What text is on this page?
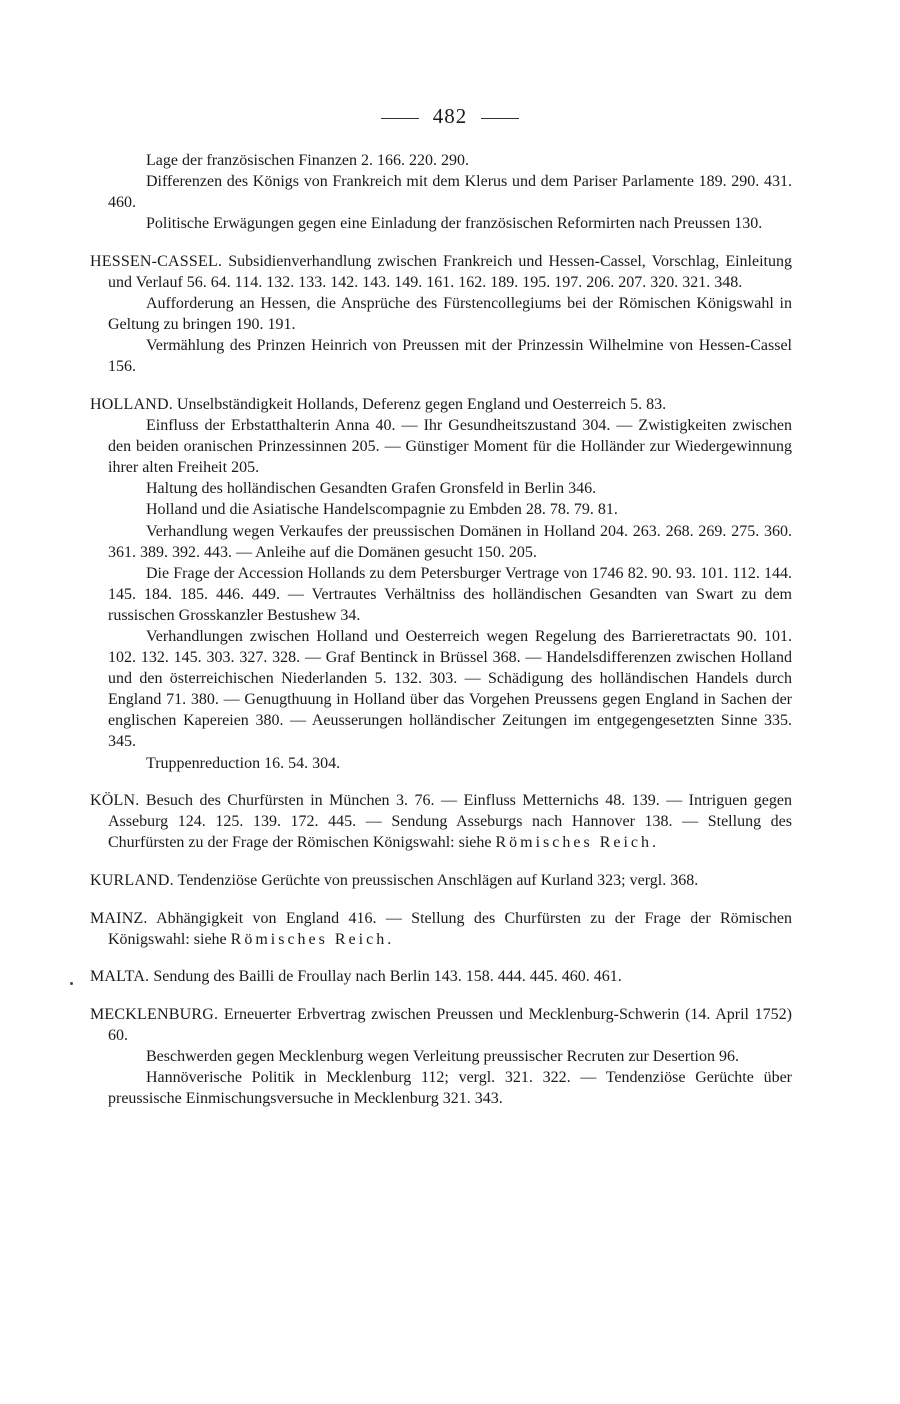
482

Lage der französischen Finanzen 2. 166. 220. 290.

Differenzen des Königs von Frankreich mit dem Klerus und dem Pariser Parlamente 189. 290. 431. 460.

Politische Erwägungen gegen eine Einladung der französischen Reformirten nach Preussen 130.

HESSEN-CASSEL. Subsidienverhandlung zwischen Frankreich und Hessen-Cassel, Vorschlag, Einleitung und Verlauf 56. 64. 114. 132. 133. 142. 143. 149. 161. 162. 189. 195. 197. 206. 207. 320. 321. 348.

Aufforderung an Hessen, die Ansprüche des Fürstencollegiums bei der Römischen Königswahl in Geltung zu bringen 190. 191.

Vermählung des Prinzen Heinrich von Preussen mit der Prinzessin Wilhelmine von Hessen-Cassel 156.

HOLLAND. Unselbständigkeit Hollands, Deferenz gegen England und Oesterreich 5. 83.

Einfluss der Erbstatthalterin Anna 40. — Ihr Gesundheitszustand 304. — Zwistigkeiten zwischen den beiden oranischen Prinzessinnen 205. — Günstiger Moment für die Holländer zur Wiedergewinnung ihrer alten Freiheit 205.

Haltung des holländischen Gesandten Grafen Gronsfeld in Berlin 346.

Holland und die Asiatische Handelscompagnie zu Embden 28. 78. 79. 81.

Verhandlung wegen Verkaufes der preussischen Domänen in Holland 204. 263. 268. 269. 275. 360. 361. 389. 392. 443. — Anleihe auf die Domänen gesucht 150. 205.

Die Frage der Accession Hollands zu dem Petersburger Vertrage von 1746 82. 90. 93. 101. 112. 144. 145. 184. 185. 446. 449. — Vertrautes Verhältniss des holländischen Gesandten van Swart zu dem russischen Grosskanzler Bestushew 34.

Verhandlungen zwischen Holland und Oesterreich wegen Regelung des Barrieretractats 90. 101. 102. 132. 145. 303. 327. 328. — Graf Bentinck in Brüssel 368. — Handelsdifferenzen zwischen Holland und den österreichischen Niederlanden 5. 132. 303. — Schädigung des holländischen Handels durch England 71. 380. — Genugthuung in Holland über das Vorgehen Preussens gegen England in Sachen der englischen Kapereien 380. — Aeusserungen holländischer Zeitungen im entgegengesetzten Sinne 335. 345.

Truppenreduction 16. 54. 304.

KÖLN. Besuch des Churfürsten in München 3. 76. — Einfluss Metternichs 48. 139. — Intriguen gegen Asseburg 124. 125. 139. 172. 445. — Sendung Asseburgs nach Hannover 138. — Stellung des Churfürsten zu der Frage der Römischen Königswahl: siehe Römisches Reich.

KURLAND. Tendenziöse Gerüchte von preussischen Anschlägen auf Kurland 323; vergl. 368.

MAINZ. Abhängigkeit von England 416. — Stellung des Churfürsten zu der Frage der Römischen Königswahl: siehe Römisches Reich.

MALTA. Sendung des Bailli de Froullay nach Berlin 143. 158. 444. 445. 460. 461.

MECKLENBURG. Erneuerter Erbvertrag zwischen Preussen und Mecklenburg-Schwerin (14. April 1752) 60.

Beschwerden gegen Mecklenburg wegen Verleitung preussischer Recruten zur Desertion 96.

Hannöverische Politik in Mecklenburg 112; vergl. 321. 322. — Tendenziöse Gerüchte über preussische Einmischungsversuche in Mecklenburg 321. 343.
